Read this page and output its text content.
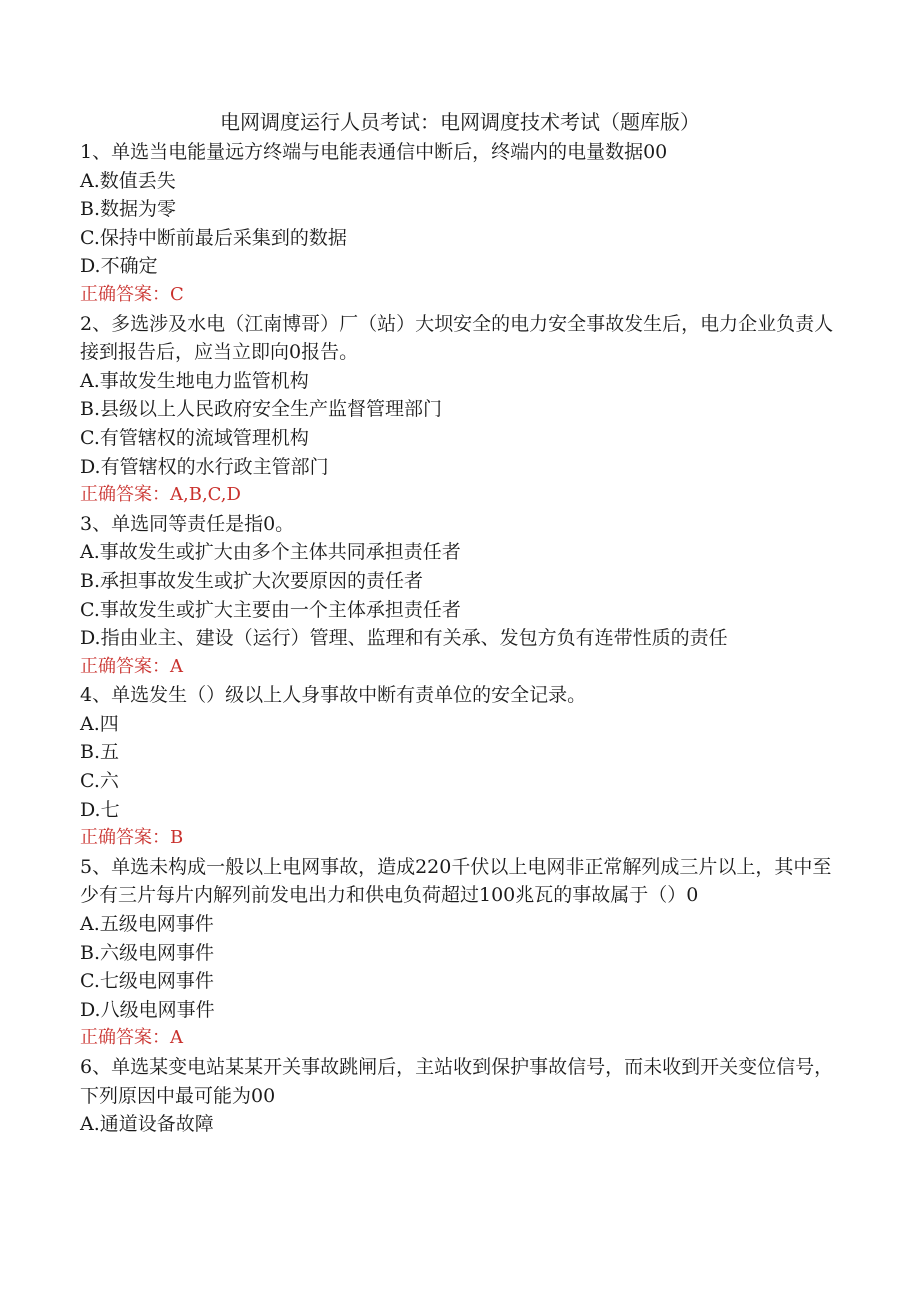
电网调度运行人员考试：电网调度技术考试（题库版）
1、单选当电能量远方终端与电能表通信中断后，终端内的电量数据00
A.数值丢失
B.数据为零
C.保持中断前最后采集到的数据
D.不确定
正确答案：C
2、多选涉及水电（江南博哥）厂（站）大坝安全的电力安全事故发生后，电力企业负责人接到报告后，应当立即向0报告。
A.事故发生地电力监管机构
B.县级以上人民政府安全生产监督管理部门
C.有管辖权的流域管理机构
D.有管辖权的水行政主管部门
正确答案：A,B,C,D
3、单选同等责任是指0。
A.事故发生或扩大由多个主体共同承担责任者
B.承担事故发生或扩大次要原因的责任者
C.事故发生或扩大主要由一个主体承担责任者
D.指由业主、建设（运行）管理、监理和有关承、发包方负有连带性质的责任
正确答案：A
4、单选发生（）级以上人身事故中断有责单位的安全记录。
A.四
B.五
C.六
D.七
正确答案：B
5、单选未构成一般以上电网事故，造成220千伏以上电网非正常解列成三片以上，其中至少有三片每片内解列前发电出力和供电负荷超过100兆瓦的事故属于（）0
A.五级电网事件
B.六级电网事件
C.七级电网事件
D.八级电网事件
正确答案：A
6、单选某变电站某某开关事故跳闸后，主站收到保护事故信号，而未收到开关变位信号，下列原因中最可能为00
A.通道设备故障
